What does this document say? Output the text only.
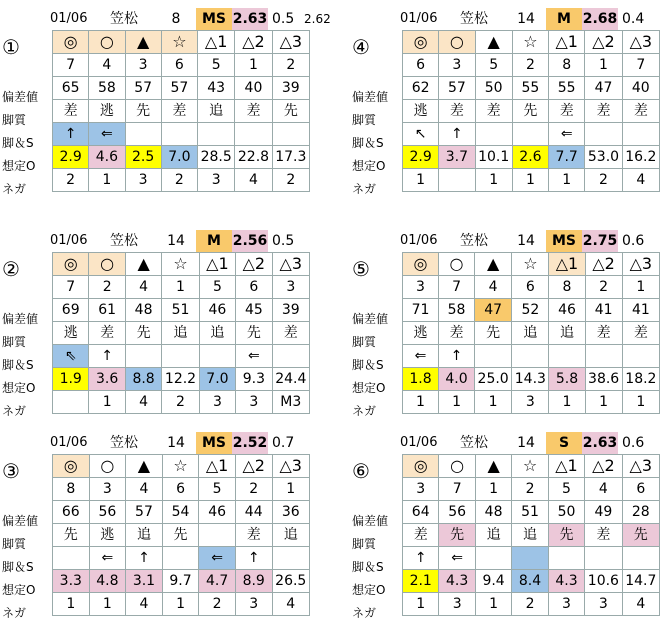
01/06 笠松	8	MS 2.63 0.5 2.62
①
偏差値
脚質
脚＆S
想定O
ネガ
◎	○	▲	☆	△1	△2	△3
7	4	3	6	5	1	2
65	58	57	57	43	40	39
差	逃	先	差	追	差	先
↑	⇐					
2.9	4.6	2.5	7.0	28.5	22.8	17.3
2	1	3	2	3	4	2
01/06 笠松 14	M 2.68 0.4
④
偏差値
脚質
脚＆S
想定O
ネガ
◎	○	▲	☆	△1	△2	△3
6	3	5	2	8	1	7
62	57	50	55	55	47	40
逃	差	差	先	差	差	差
↖	↑			⇐		
2.9	3.7	10.1	2.6	7.7	53.0	16.2
1		1	1	1	2	4
01/06 笠松 14	M 2.56 0.5
②
偏差値
脚質
脚＆S
想定O
ネガ
◎	○	▲	☆	△1	△2	△3
7	2	4	1	5	6	3
69	61	48	51	46	45	39
逃	差	先	追	追	先	差
⇖	↑				⇐	
1.9	3.6	8.8	12.2	7.0	9.3	24.4
	1	4	2	3	3	M3
01/06 笠松 14	MS 2.75 0.6
⑤
偏差値
脚質
脚＆S
想定O
ネガ
◎	○	▲	☆	△1	△2	△3
3	7	4	6	8	2	1
71	58	47	52	46	41	41
逃	差	先	追	追	差	差
⇐	↑					
1.8	4.0	25.0	14.3	5.8	38.6	18.2
1	1	1	3	1	1	1
01/06 笠松 14	MS 2.52 0.7
③
偏差値
脚質
脚＆S
想定O
ネガ
◎	○	▲	☆	△1	△2	△3
8	3	4	6	5	2	1
66	56	57	54	46	44	36
先	逃	追	先		差	追
	⇐	↑		⇐	↑	
3.3	4.8	3.1	9.7	4.7	8.9	26.5
1	1	4	1	2	3	4
01/06 笠松 14	S 2.63 0.6
⑥
偏差値
脚質
脚＆S
想定O
ネガ
◎	○	▲	☆	△1	△2	△3
3	7	1	2	5	4	6
64	56	48	51	50	49	28
差	先	追	追	先	差	先
↑	⇐					
2.1	4.3	9.4	8.4	4.3	10.6	14.7
1	3	1	2	3	3	4
